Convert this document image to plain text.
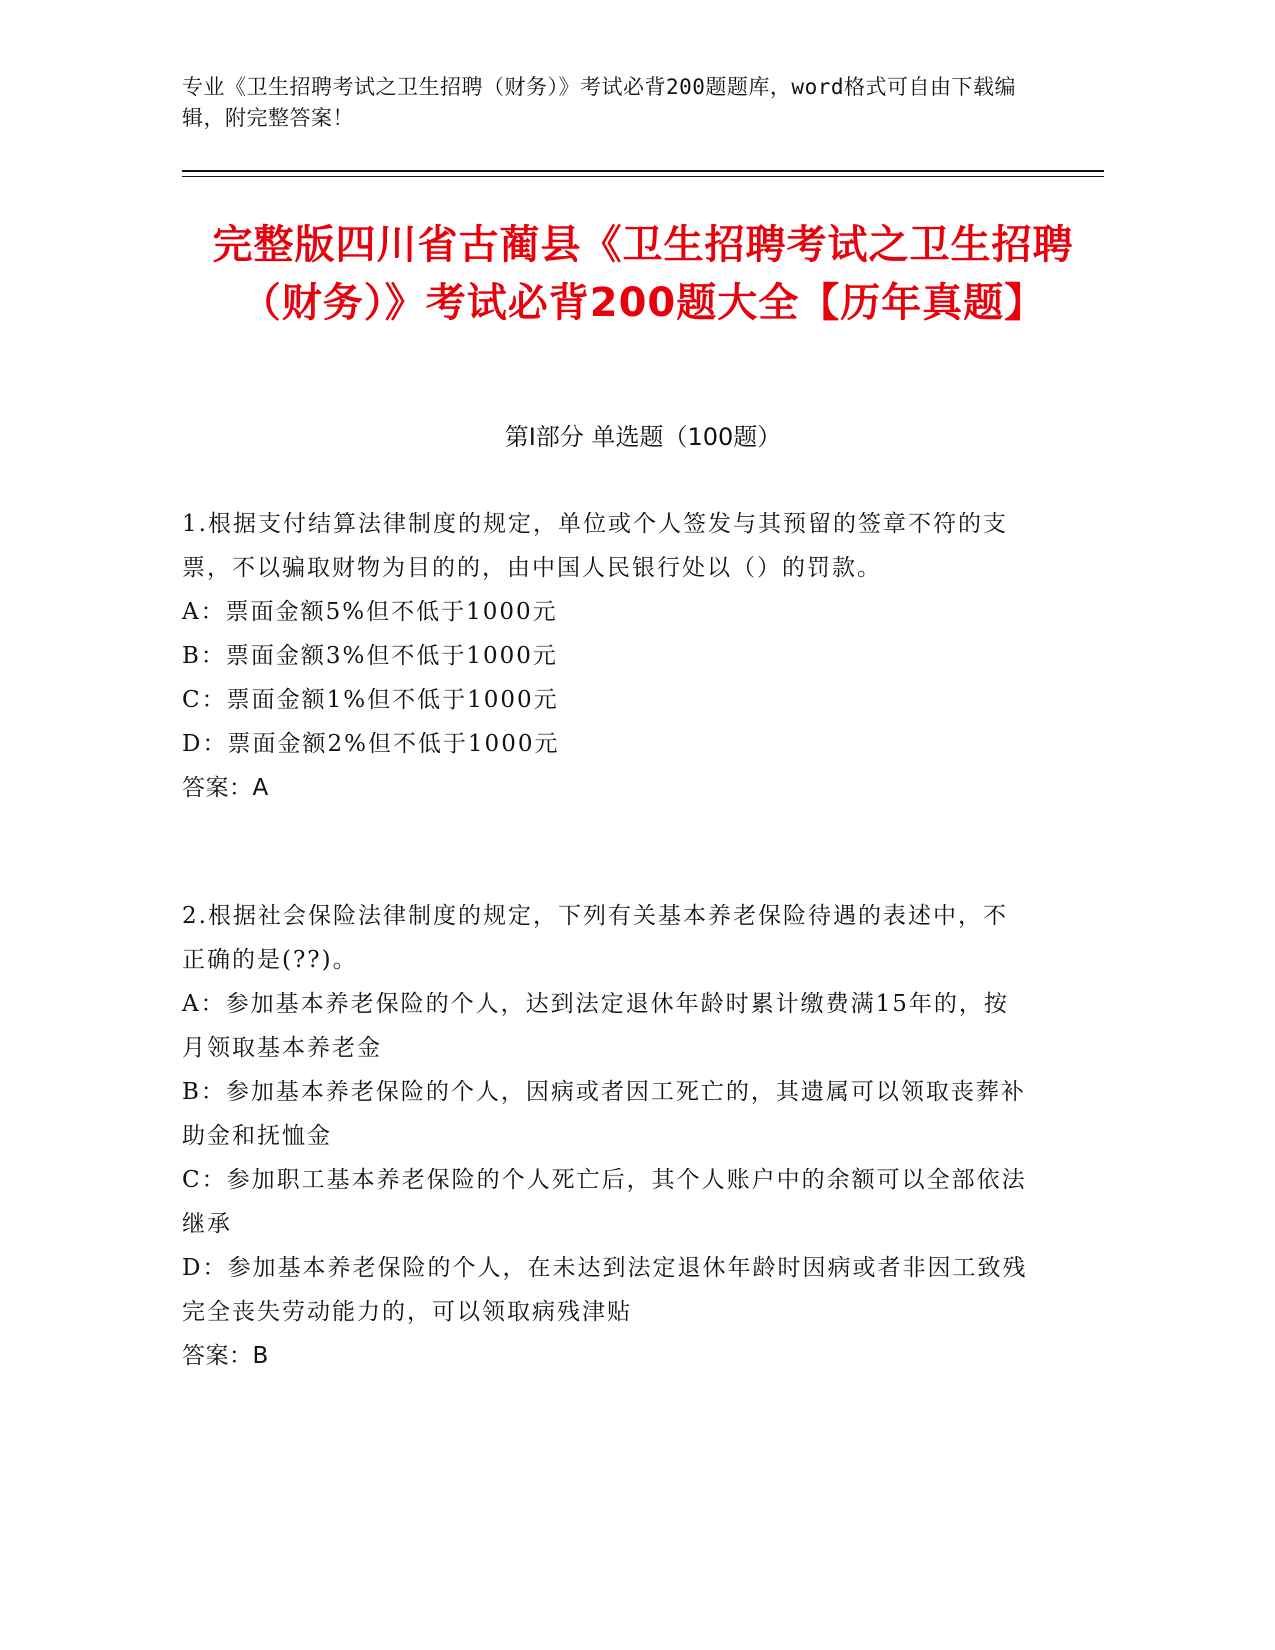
专业《卫生招聘考试之卫生招聘（财务）》考试必背200题题库，word格式可自由下载编辑，附完整答案！
完整版四川省古蔺县《卫生招聘考试之卫生招聘（财务）》考试必背200题大全【历年真题】
第I部分 单选题（100题）

1.根据支付结算法律制度的规定，单位或个人签发与其预留的签章不符的支票，不以骗取财物为目的的，由中国人民银行处以（）的罚款。

A：票面金额5%但不低于1000元

B：票面金额3%但不低于1000元

C：票面金额1%但不低于1000元

D：票面金额2%但不低于1000元

答案：A

2.根据社会保险法律制度的规定，下列有关基本养老保险待遇的表述中，不正确的是(??)。

A：参加基本养老保险的个人，达到法定退休年龄时累计缴费满15年的，按月领取基本养老金

B：参加基本养老保险的个人，因病或者因工死亡的，其遗属可以领取丧葬补助金和抚恤金

C：参加职工基本养老保险的个人死亡后，其个人账户中的余额可以全部依法继承

D：参加基本养老保险的个人，在未达到法定退休年龄时因病或者非因工致残完全丧失劳动能力的，可以领取病残津贴

答案：B
